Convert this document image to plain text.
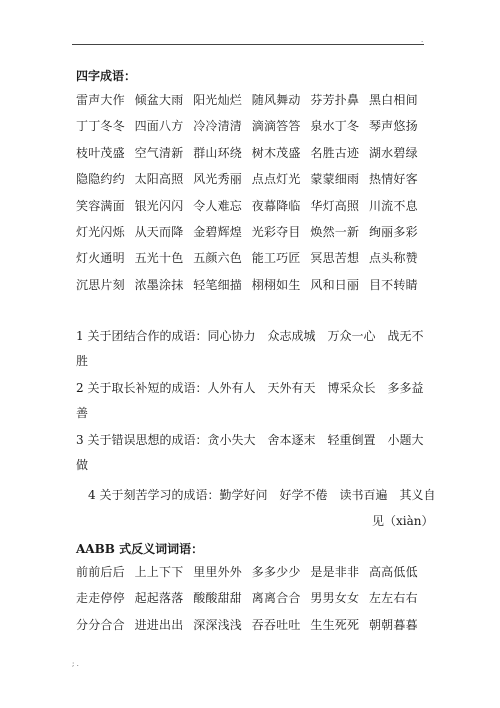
.
四字成语：
雷声大作 倾盆大雨 阳光灿烂 随风舞动 芬芳扑鼻 黑白相间
丁丁冬冬 四面八方 冷冷清清 滴滴答答 泉水丁冬 琴声悠扬
枝叶茂盛 空气清新 群山环绕 树木茂盛 名胜古迹 湖水碧绿
隐隐约约 太阳高照 风光秀丽 点点灯光 蒙蒙细雨 热情好客
笑容满面 银光闪闪 令人难忘 夜幕降临 华灯高照 川流不息
灯光闪烁 从天而降 金碧辉煌 光彩夺目 焕然一新 绚丽多彩
灯火通明 五光十色 五颜六色 能工巧匠 冥思苦想 点头称赞
沉思片刻 浓墨涂抹 轻笔细描 栩栩如生 风和日丽 目不转睛
1 关于团结合作的成语：同心协力　众志成城　万众一心　战无不胜
2 关于取长补短的成语：人外有人　天外有天　博采众长　多多益善
3 关于错误思想的成语：贪小失大　舍本逐末　轻重倒置　小题大做
4 关于刻苦学习的成语：勤学好问　好学不倦　读书百遍　其义自
见（xiàn）
AABB 式反义词词语：
前前后后 上上下下 里里外外 多多少少 是是非非 高高低低
走走停停 起起落落 酸酸甜甜 离离合合 男男女女 左左右右
分分合合 进进出出 深深浅浅 吞吞吐吐 生生死死 朝朝暮暮
; .
